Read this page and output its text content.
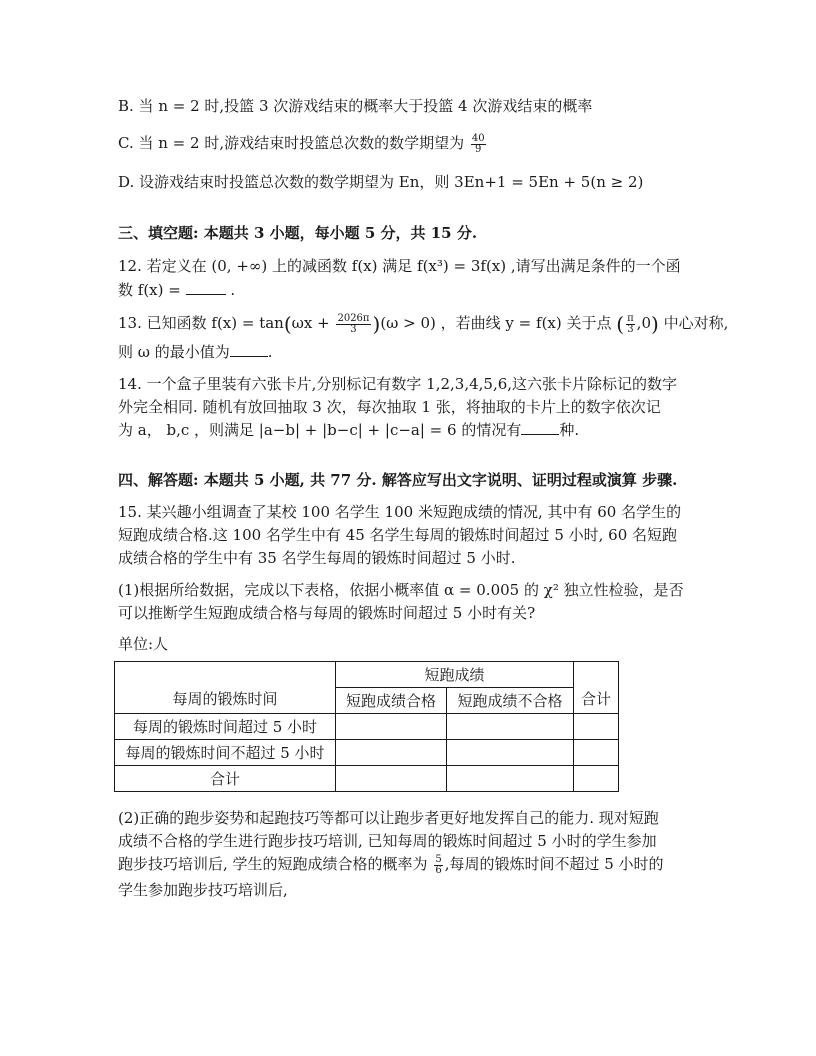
B. 当 n = 2 时,投篮 3 次游戏结束的概率大于投篮 4 次游戏结束的概率
C. 当 n = 2 时,游戏结束时投篮总次数的数学期望为 $\frac{40}{9}$
D. 设游戏结束时投篮总次数的数学期望为 En，则 3En+1 = 5En + 5(n ≥ 2)
三、填空题: 本题共 3 小题，每小题 5 分，共 15 分.
12. 若定义在 (0, +∞) 上的减函数 f(x) 满足 f(x³) = 3f(x) ,请写出满足条件的一个函
数 f(x) =	.
13. 已知函数 $f(x) = \tan(\omega x + \frac{2026\pi}{3} )(\omega > 0)$ ，若曲线 y = f(x) 关于点 ( $\frac{\pi}{3} ,0$) 中心对称,
则 ω 的最小值为	.
14. 一个盒子里装有六张卡片,分别标记有数字 1,2,3,4,5,6,这六张卡片除标记的数字
外完全相同. 随机有放回抽取 3 次，每次抽取 1 张，将抽取的卡片上的数字依次记
为 a， b,c ，则满足 |a−b| + |b−c| + |c−a| = 6 的情况有	种.
四、解答题: 本题共 5 小题, 共 77 分. 解答应写出文字说明、证明过程或演算 步骤.
15. 某兴趣小组调查了某校 100 名学生 100 米短跑成绩的情况, 其中有 60 名学生的
短跑成绩合格.这 100 名学生中有 45 名学生每周的锻炼时间超过 5 小时, 60 名短跑
成绩合格的学生中有 35 名学生每周的锻炼时间超过 5 小时.
(1)根据所给数据，完成以下表格，依据小概率值 α = 0.005 的 χ² 独立性检验，是否
可以推断学生短跑成绩合格与每周的锻炼时间超过 5 小时有关?
单位:人
每周的锻炼时间	短跑成绩		合计
	短跑成绩合格	短跑成绩不合格	
每周的锻炼时间超过 5 小时			
每周的锻炼时间不超过 5 小时			
合计			
(2)正确的跑步姿势和起跑技巧等都可以让跑步者更好地发挥自己的能力. 现对短跑
成绩不合格的学生进行跑步技巧培训, 已知每周的锻炼时间超过 5 小时的学生参加
跑步技巧培训后, 学生的短跑成绩合格的概率为 $\frac{5}{6}$ ,每周的锻炼时间不超过 5 小时的
学生参加跑步技巧培训后,
